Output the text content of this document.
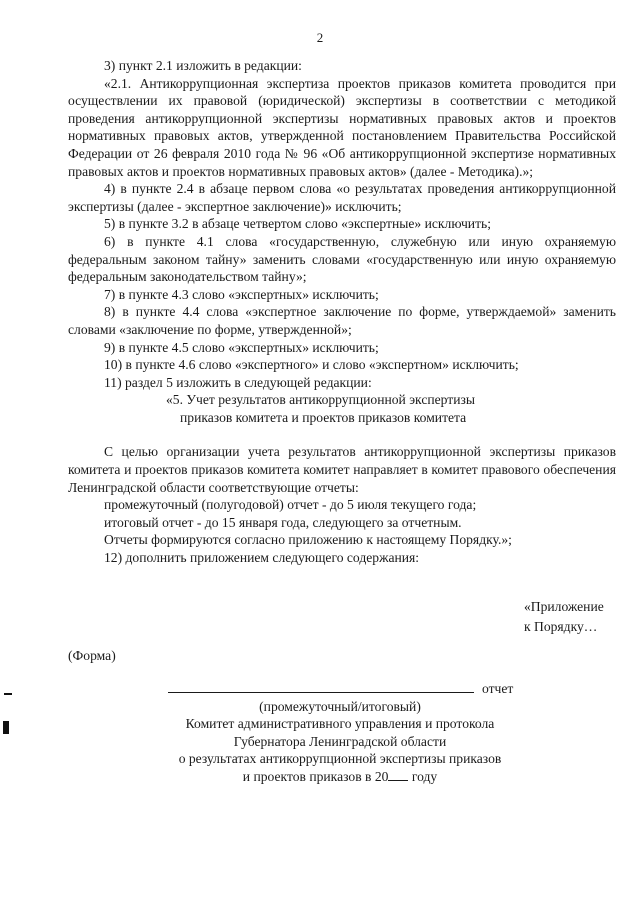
2

3) пункт 2.1 изложить в редакции:

«2.1. Антикоррупционная экспертиза проектов приказов комитета проводится при осуществлении их правовой (юридической) экспертизы в соответствии с методикой проведения антикоррупционной экспертизы нормативных правовых актов и проектов нормативных правовых актов, утвержденной постановлением Правительства Российской Федерации от 26 февраля 2010 года № 96 «Об антикоррупционной экспертизе нормативных правовых актов и проектов нормативных правовых актов» (далее - Методика).»;

4) в пункте 2.4 в абзаце первом слова «о результатах проведения антикоррупционной экспертизы (далее - экспертное заключение)» исключить;

5) в пункте 3.2 в абзаце четвертом слово «экспертные» исключить;

6) в пункте 4.1 слова «государственную, служебную или иную охраняемую федеральным законом тайну» заменить словами «государственную или иную охраняемую федеральным законодательством тайну»;

7) в пункте 4.3 слово «экспертных» исключить;

8) в пункте 4.4 слова «экспертное заключение по форме, утверждаемой» заменить словами «заключение по форме, утвержденной»;

9) в пункте 4.5 слово «экспертных» исключить;

10) в пункте 4.6 слово «экспертного» и слово «экспертном» исключить;

11) раздел 5 изложить в следующей редакции:

«5. Учет результатов антикоррупционной экспертизы

приказов комитета и проектов приказов комитета

С целью организации учета результатов антикоррупционной экспертизы приказов комитета и проектов приказов комитета комитет направляет в комитет правового обеспечения Ленинградской области соответствующие отчеты:

промежуточный (полугодовой) отчет - до 5 июля текущего года;

итоговый отчет - до 15 января года, следующего за отчетным.

Отчеты формируются согласно приложению к настоящему Порядку.»;

12) дополнить приложением следующего содержания:

«Приложение
к Порядку…
(Форма)
отчет
(промежуточный/итоговый)
Комитет административного управления и протокола
Губернатора Ленинградской области
о результатах антикоррупционной экспертизы приказов
и проектов приказов в 20 году
